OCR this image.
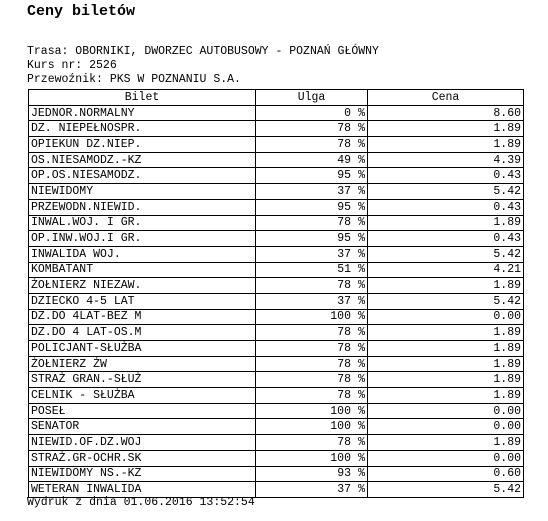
Ceny biletów
Trasa: OBORNIKI, DWORZEC AUTOBUSOWY - POZNAŃ GŁÓWNY
Kurs nr: 2526
Przewoźnik: PKS W POZNANIU S.A.
Bilet	Ulga	Cena
JEDNOR.NORMALNY	0 %	8.60
DZ. NIEPEŁNOSPR.	78 %	1.89
OPIEKUN DZ.NIEP.	78 %	1.89
OS.NIESAMODZ.-KZ	49 %	4.39
OP.OS.NIESAMODZ.	95 %	0.43
NIEWIDOMY	37 %	5.42
PRZEWODN.NIEWID.	95 %	0.43
INWAL.WOJ. I GR.	78 %	1.89
OP.INW.WOJ.I GR.	95 %	0.43
INWALIDA WOJ.	37 %	5.42
KOMBATANT	51 %	4.21
ŻOŁNIERZ NIEZAW.	78 %	1.89
DZIECKO 4-5 LAT	37 %	5.42
DZ.DO 4LAT-BEZ M	100 %	0.00
DZ.DO 4 LAT-OS.M	78 %	1.89
POLICJANT-SŁUŻBA	78 %	1.89
ŻOŁNIERZ ŻW	78 %	1.89
STRAŻ GRAN.-SŁUŻ	78 %	1.89
CELNIK - SŁUŻBA	78 %	1.89
POSEŁ	100 %	0.00
SENATOR	100 %	0.00
NIEWID.OF.DZ.WOJ	78 %	1.89
STRAŻ.GR-OCHR.SK	100 %	0.00
NIEWIDOMY NS.-KZ	93 %	0.60
WETERAN INWALIDA	37 %	5.42
Wydruk z dnia 01.06.2016 13:52:54
